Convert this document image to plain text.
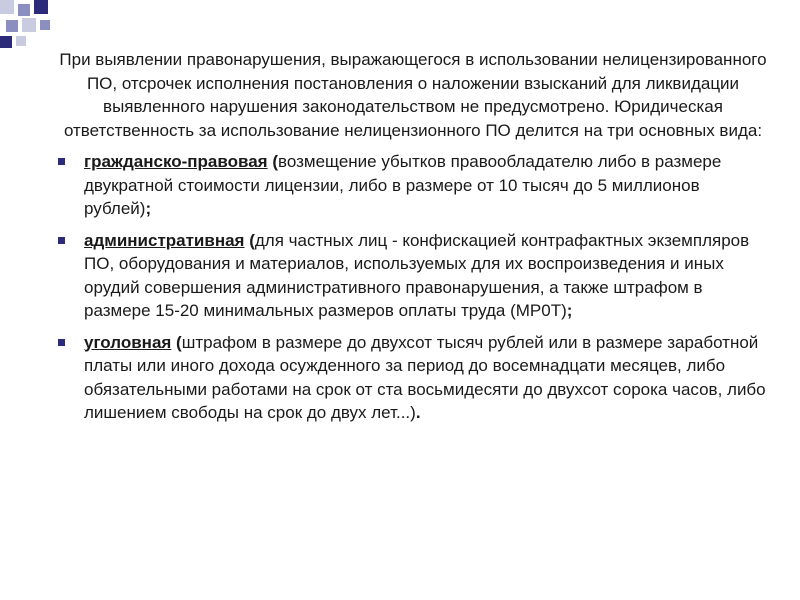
При выявлении правонарушения, выражающегося в использовании нелицензированного ПО, отсрочек исполнения постановления о наложении взысканий для ликвидации выявленного нарушения законодательством не предусмотрено. Юридическая ответственность за использование нелицензионного ПО делится на три основных вида:

гражданско-правовая (возмещение убытков правообладателю либо в размере двукратной стоимости лицензии, либо в размере от 10 тысяч до 5 миллионов рублей);
административная (для частных лиц - конфискацией контрафактных экземпляров ПО, оборудования и материалов, используемых для их воспроизведения и иных орудий совершения административного правонарушения, а также штрафом в размере 15-20 минимальных размеров оплаты труда (МР0Т);
уголовная (штрафом в размере до двухсот тысяч рублей или в размере заработной платы или иного дохода осужденного за период до восемнадцати месяцев, либо обязательными работами на срок от ста восьмидесяти до двухсот сорока часов, либо лишением свободы на срок до двух лет...).
